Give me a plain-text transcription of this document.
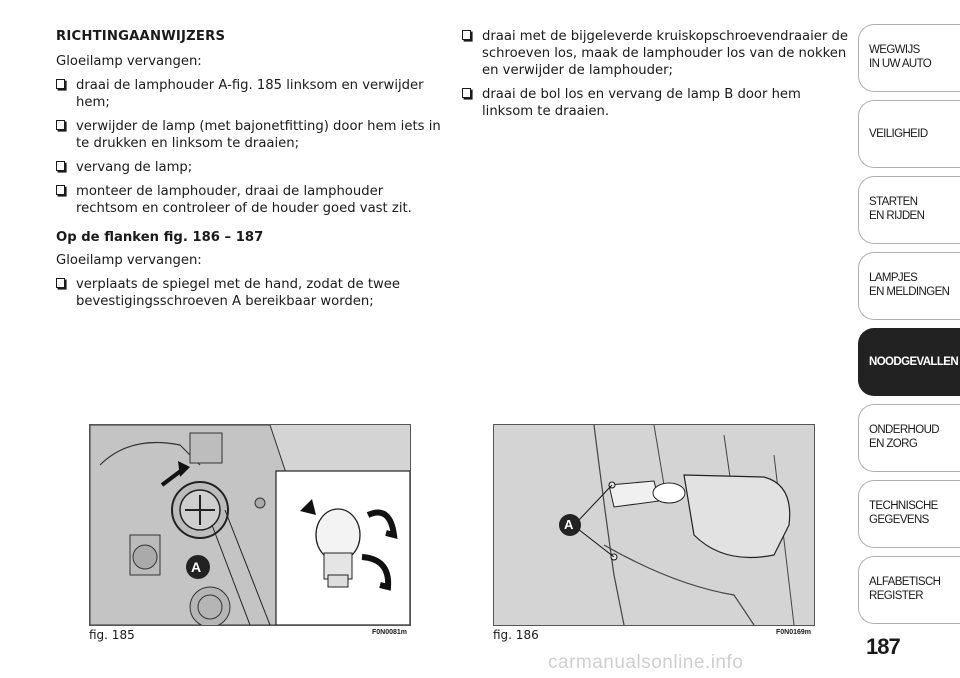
RICHTINGAANWIJZERS
Gloeilamp vervangen:
draai de lamphouder A-fig. 185 linksom en verwijder hem;
verwijder de lamp (met bajonetfitting) door hem iets in te drukken en linksom te draaien;
vervang de lamp;
monteer de lamphouder, draai de lamphouder rechtsom en controleer of de houder goed vast zit.
Op de flanken fig. 186 – 187
Gloeilamp vervangen:
verplaats de spiegel met de hand, zodat de twee bevestigingsschroeven A bereikbaar worden;
draai met de bijgeleverde kruiskopschroevendraaier de schroeven los, maak de lamphouder los van de nokken en verwijder de lamphouder;
draai de bol los en vervang de lamp B door hem linksom te draaien.
A
fig. 185	F0N0081m
A
fig. 186	F0N0169m
WEGWIJS
IN UW AUTO
VEILIGHEID
STARTEN
EN RIJDEN
LAMPJES
EN MELDINGEN
NOODGEVALLEN
ONDERHOUD
EN ZORG
TECHNISCHE
GEGEVENS
ALFABETISCH
REGISTER
187
carmanualsonline.info
